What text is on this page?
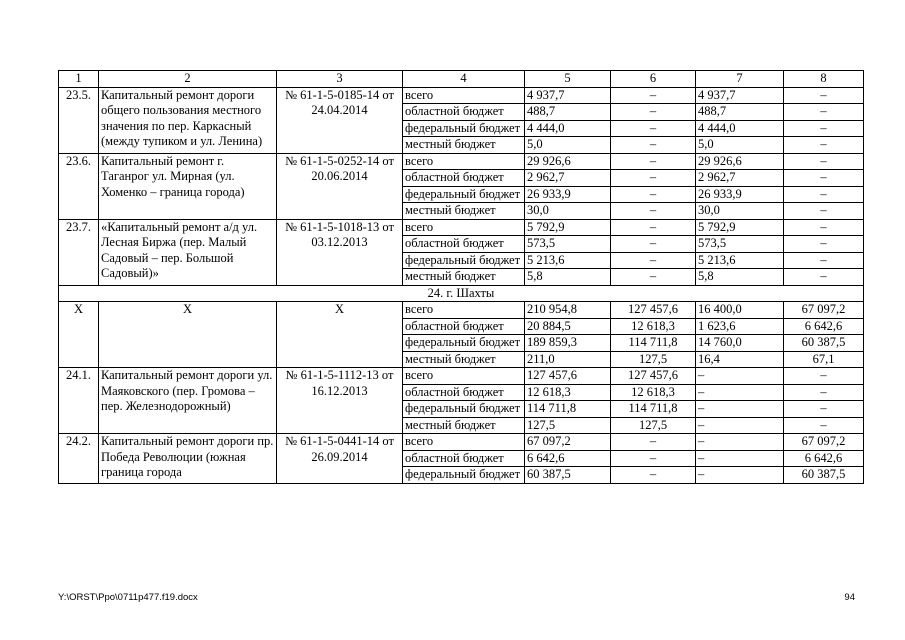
1	2	3	4	5	6	7	8
23.5.	Капитальный ремонт дороги общего пользования местного значения по пер. Каркасный (между тупиком и ул. Ленина)	№ 61-1-5-0185-14 от 24.04.2014	всего	4 937,7	–	4 937,7	–
			областной бюджет	488,7	–	488,7	–
			федеральный бюджет	4 444,0	–	4 444,0	–
			местный бюджет	5,0	–	5,0	–
23.6.	Капитальный ремонт г. Таганрог ул. Мирная (ул. Хоменко – граница города)	№ 61-1-5-0252-14 от 20.06.2014	всего	29 926,6	–	29 926,6	–
			областной бюджет	2 962,7	–	2 962,7	–
			федеральный бюджет	26 933,9	–	26 933,9	–
			местный бюджет	30,0	–	30,0	–
23.7.	«Капитальный ремонт а/д ул. Лесная Биржа (пер. Малый Садовый – пер. Большой Садовый)»	№ 61-1-5-1018-13 от 03.12.2013	всего	5 792,9	–	5 792,9	–
			областной бюджет	573,5	–	573,5	–
			федеральный бюджет	5 213,6	–	5 213,6	–
			местный бюджет	5,8	–	5,8	–
24. г. Шахты							
Х	Х	Х	всего	210 954,8	127 457,6	16 400,0	67 097,2
			областной бюджет	20 884,5	12 618,3	1 623,6	6 642,6
			федеральный бюджет	189 859,3	114 711,8	14 760,0	60 387,5
			местный бюджет	211,0	127,5	16,4	67,1
24.1.	Капитальный ремонт дороги ул. Маяковского (пер. Громова – пер. Железнодорожный)	№ 61-1-5-1112-13 от 16.12.2013	всего	127 457,6	127 457,6	–	–
			областной бюджет	12 618,3	12 618,3	–	–
			федеральный бюджет	114 711,8	114 711,8	–	–
			местный бюджет	127,5	127,5	–	–
24.2.	Капитальный ремонт дороги пр. Победа Революции (южная граница города	№ 61-1-5-0441-14 от 26.09.2014	всего	67 097,2	–	–	67 097,2
			областной бюджет	6 642,6	–	–	6 642,6
			федеральный бюджет	60 387,5	–	–	60 387,5
Y:\ORST\Ppo\0711p477.f19.docx	94
